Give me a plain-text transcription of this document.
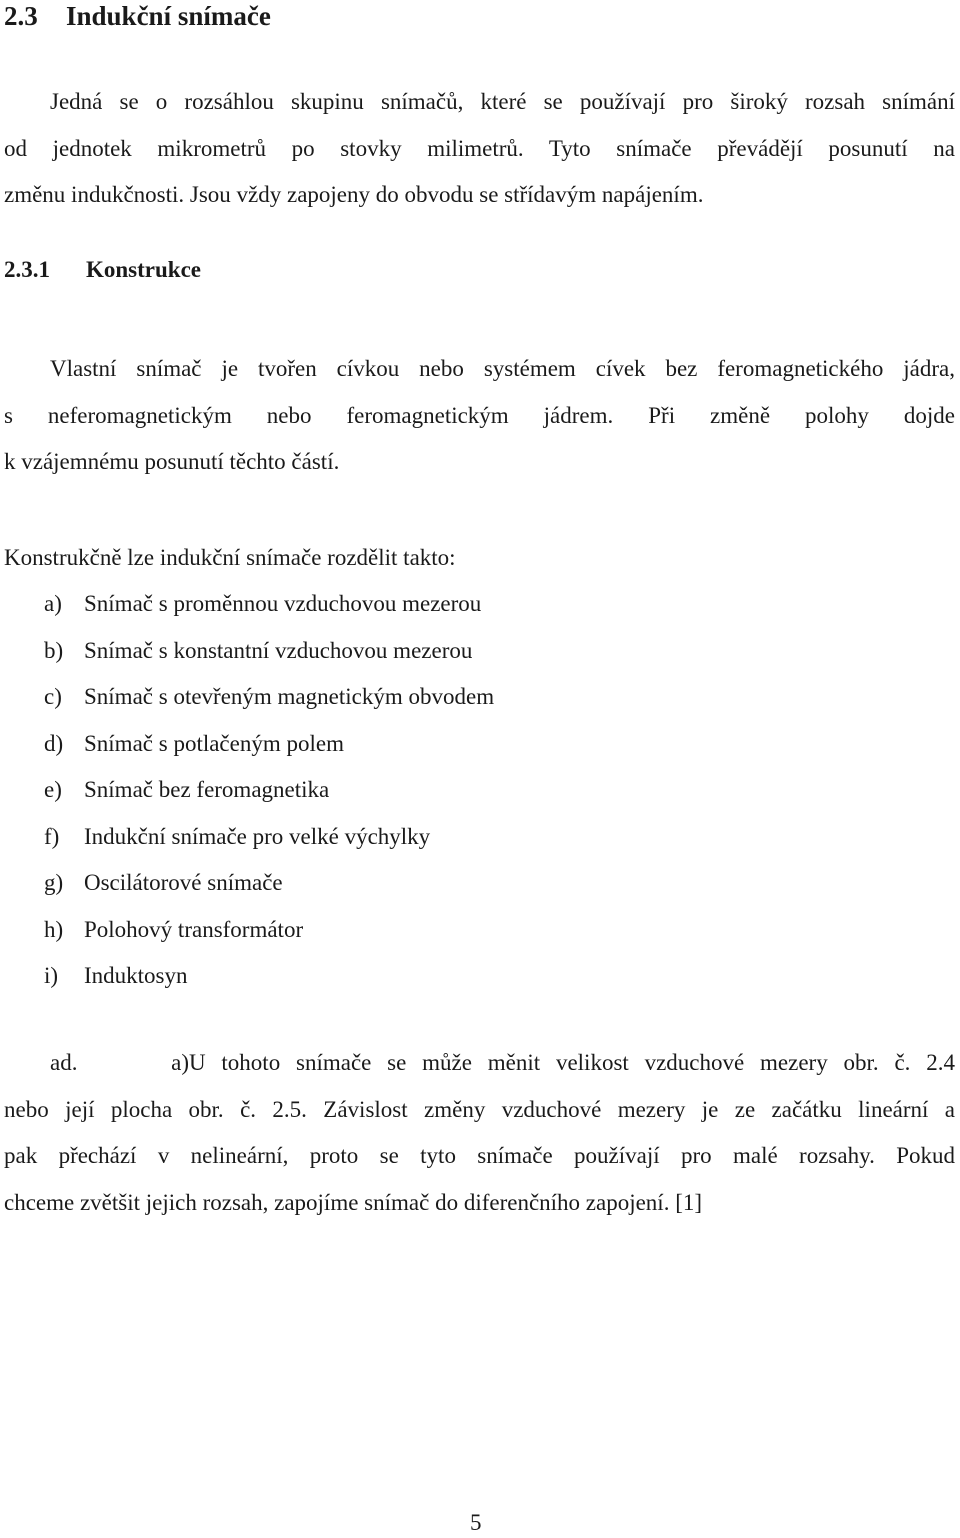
2.3 Indukční snímače
Jedná se o rozsáhlou skupinu snímačů, které se používají pro široký rozsah snímání
od jednotek mikrometrů po stovky milimetrů. Tyto snímače převádějí posunutí na
změnu indukčnosti. Jsou vždy zapojeny do obvodu se střídavým napájením.
2.3.1 Konstrukce
Vlastní snímač je tvořen cívkou nebo systémem cívek bez feromagnetického jádra,
s neferomagnetickým nebo feromagnetickým jádrem. Při změně polohy dojde
k vzájemnému posunutí těchto částí.
Konstrukčně lze indukční snímače rozdělit takto:
a) Snímač s proměnnou vzduchovou mezerou
b) Snímač s konstantní vzduchovou mezerou
c) Snímač s otevřeným magnetickým obvodem
d) Snímač s potlačeným polem
e) Snímač bez feromagnetika
f) Indukční snímače pro velké výchylky
g) Oscilátorové snímače
h) Polohový transformátor
i) Induktosyn
ad. a)U tohoto snímače se může měnit velikost vzduchové mezery obr. č. 2.4
nebo její plocha obr. č. 2.5. Závislost změny vzduchové mezery je ze začátku lineární a
pak přechází v nelineární, proto se tyto snímače používají pro malé rozsahy. Pokud
chceme zvětšit jejich rozsah, zapojíme snímač do diferenčního zapojení. [1]
5
